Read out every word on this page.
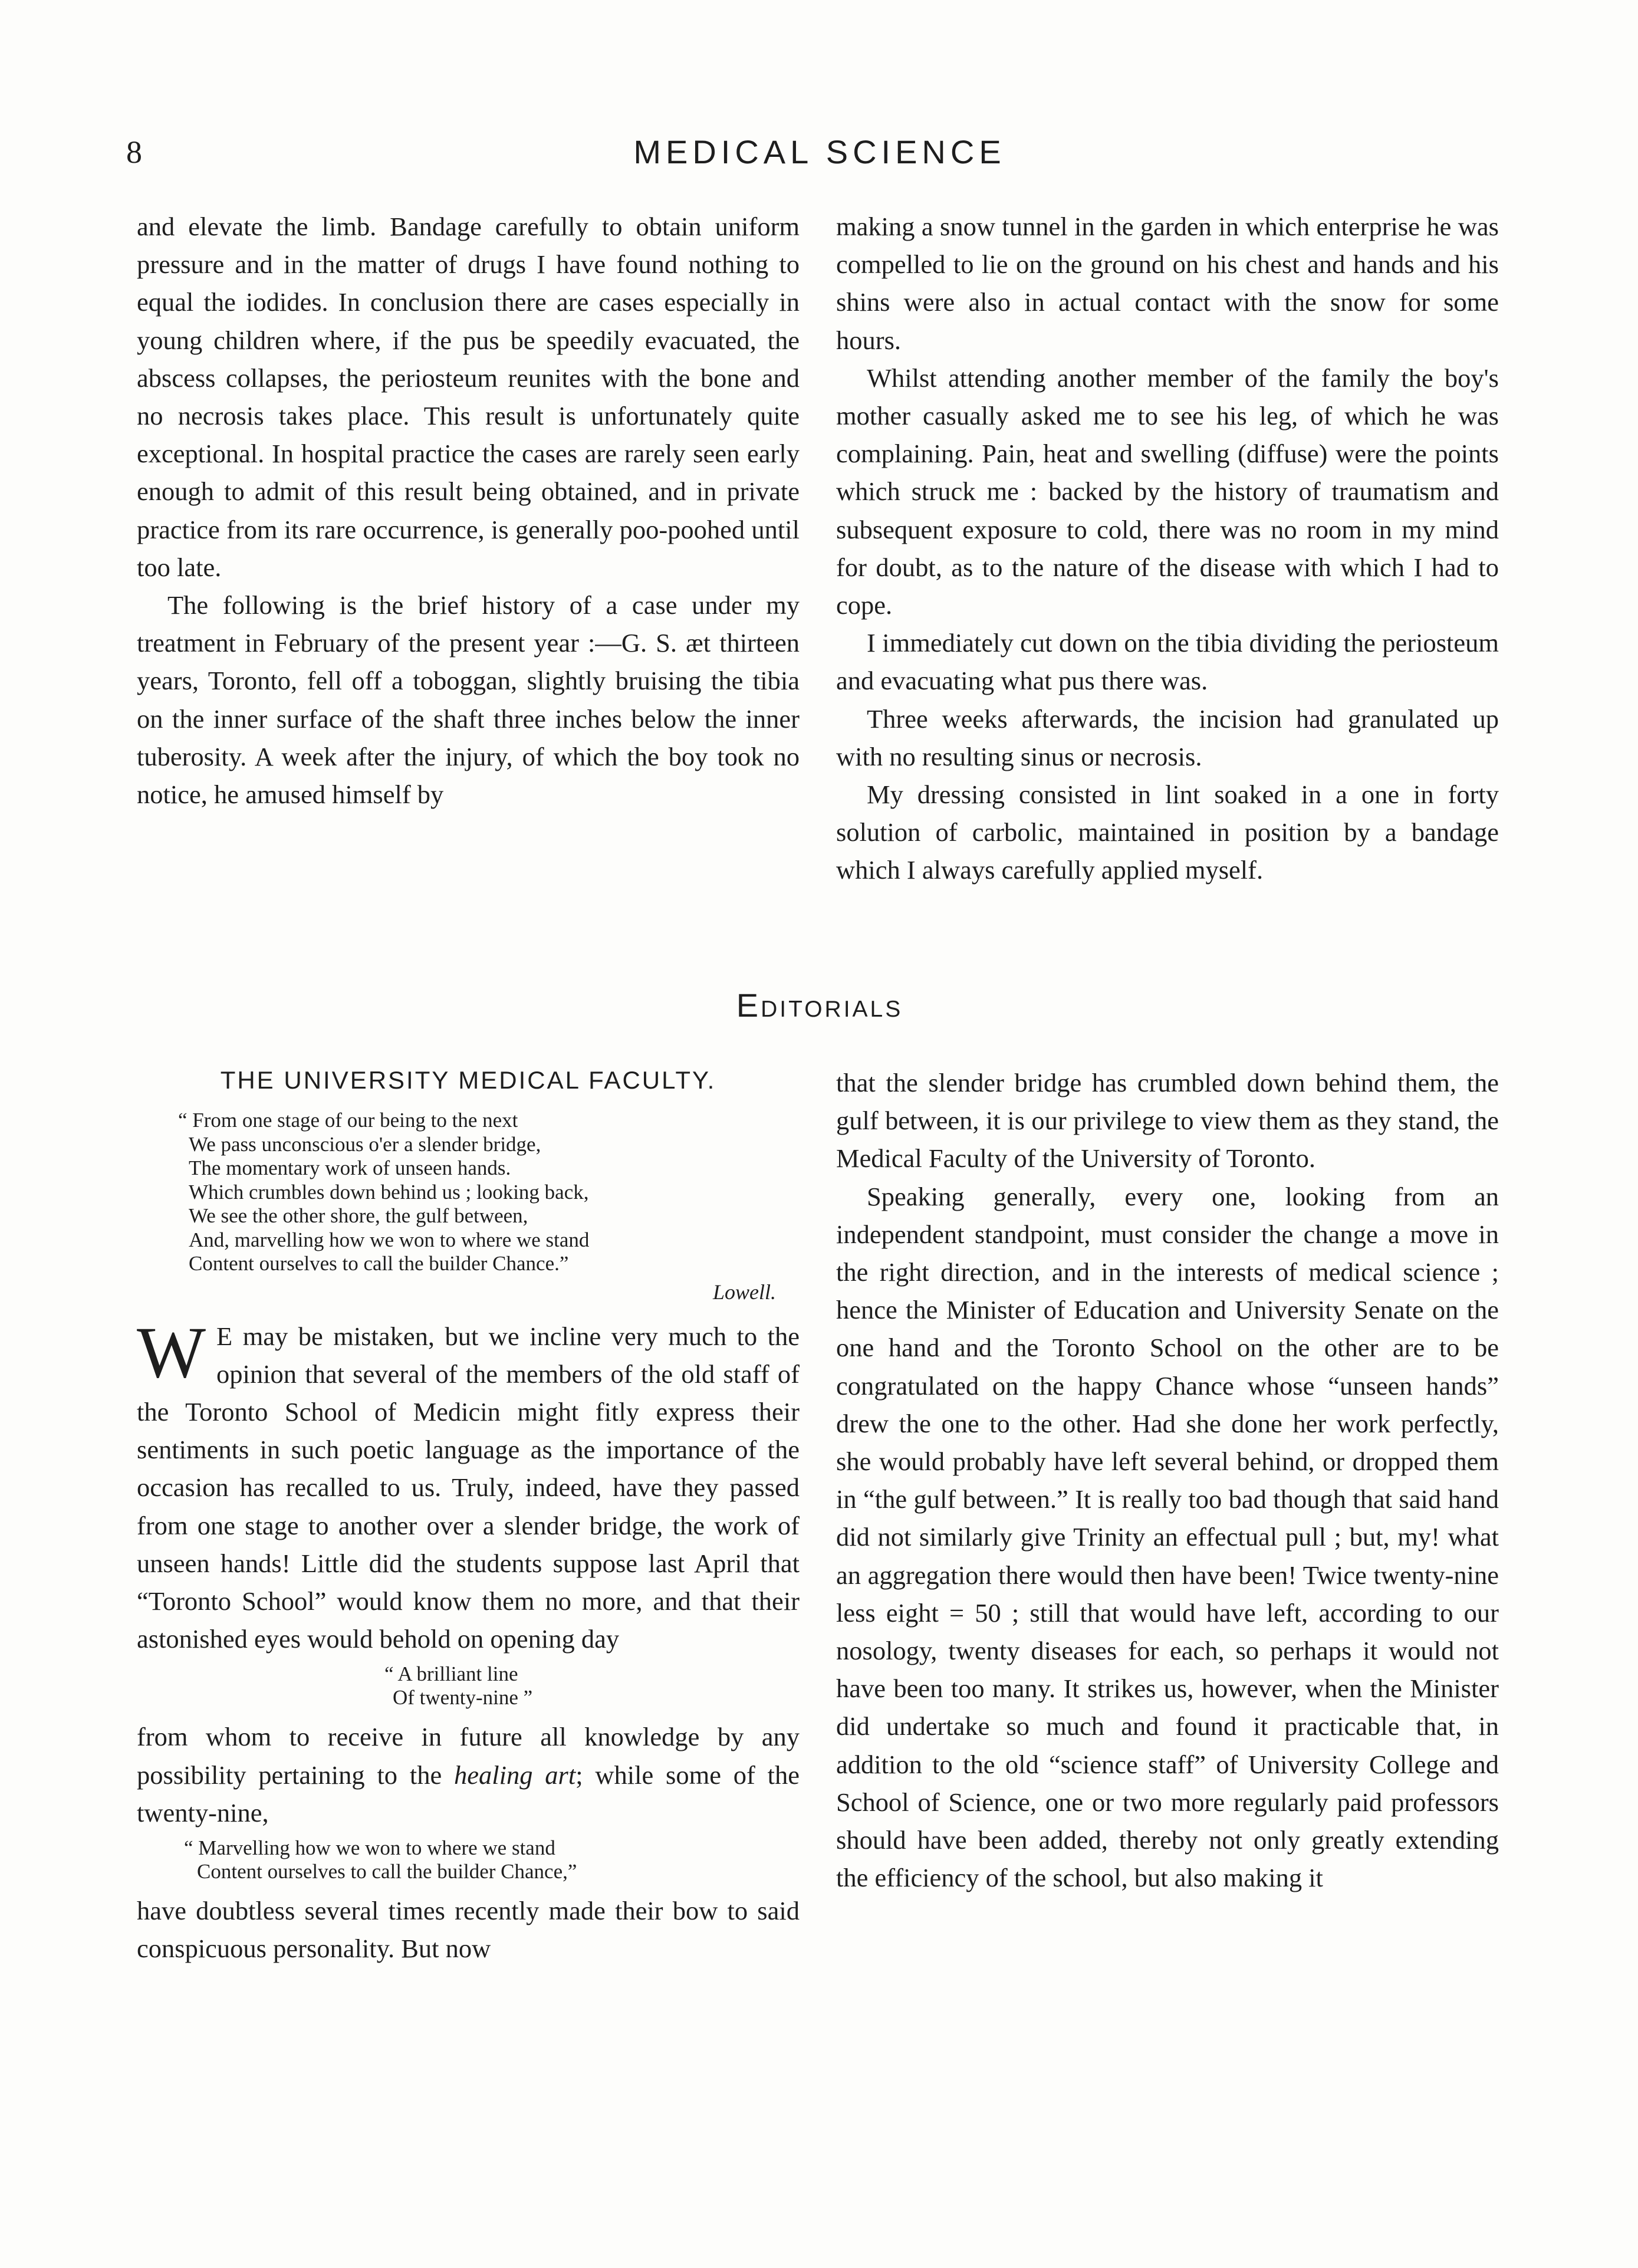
8	MEDICAL SCIENCE

and elevate the limb. Bandage carefully to obtain uniform pressure and in the matter of drugs I have found nothing to equal the iodides. In conclusion there are cases especially in young children where, if the pus be speedily evacuated, the abscess collapses, the periosteum reunites with the bone and no necrosis takes place. This result is unfortunately quite exceptional. In hospital practice the cases are rarely seen early enough to admit of this result being obtained, and in private practice from its rare occurrence, is generally poo-poohed until too late.

The following is the brief history of a case under my treatment in February of the present year :—G. S. æt thirteen years, Toronto, fell off a toboggan, slightly bruising the tibia on the inner surface of the shaft three inches below the inner tuberosity. A week after the injury, of which the boy took no notice, he amused himself by

making a snow tunnel in the garden in which enterprise he was compelled to lie on the ground on his chest and hands and his shins were also in actual contact with the snow for some hours.

Whilst attending another member of the family the boy's mother casually asked me to see his leg, of which he was complaining. Pain, heat and swelling (diffuse) were the points which struck me : backed by the history of traumatism and subsequent exposure to cold, there was no room in my mind for doubt, as to the nature of the disease with which I had to cope.

I immediately cut down on the tibia dividing the periosteum and evacuating what pus there was.

Three weeks afterwards, the incision had granulated up with no resulting sinus or necrosis.

My dressing consisted in lint soaked in a one in forty solution of carbolic, maintained in position by a bandage which I always carefully applied myself.

Editorials
THE UNIVERSITY MEDICAL FACULTY.
“ From one stage of our being to the next
We pass unconscious o'er a slender bridge,
The momentary work of unseen hands.
Which crumbles down behind us ; looking back,
We see the other shore, the gulf between,
And, marvelling how we won to where we stand
Content ourselves to call the builder Chance.”
Lowell.

W E may be mistaken, but we incline very much to the opinion that several of the members of the old staff of the Toronto School of Medicin might fitly express their sentiments in such poetic language as the importance of the occasion has recalled to us. Truly, indeed, have they passed from one stage to another over a slender bridge, the work of unseen hands! Little did the students suppose last April that “Toronto School” would know them no more, and that their astonished eyes would behold on opening day

“ A brilliant line
Of twenty-nine ”

from whom to receive in future all knowledge by any possibility pertaining to the healing art; while some of the twenty-nine,

“ Marvelling how we won to where we stand
Content ourselves to call the builder Chance,”

have doubtless several times recently made their bow to said conspicuous personality. But now

that the slender bridge has crumbled down behind them, the gulf between, it is our privilege to view them as they stand, the Medical Faculty of the University of Toronto.

Speaking generally, every one, looking from an independent standpoint, must consider the change a move in the right direction, and in the interests of medical science ; hence the Minister of Education and University Senate on the one hand and the Toronto School on the other are to be congratulated on the happy Chance whose “unseen hands” drew the one to the other. Had she done her work perfectly, she would probably have left several behind, or dropped them in “the gulf between.” It is really too bad though that said hand did not similarly give Trinity an effectual pull ; but, my! what an aggregation there would then have been! Twice twenty-nine less eight = 50 ; still that would have left, according to our nosology, twenty diseases for each, so perhaps it would not have been too many. It strikes us, however, when the Minister did undertake so much and found it practicable that, in addition to the old “science staff” of University College and School of Science, one or two more regularly paid professors should have been added, thereby not only greatly extending the efficiency of the school, but also making it
